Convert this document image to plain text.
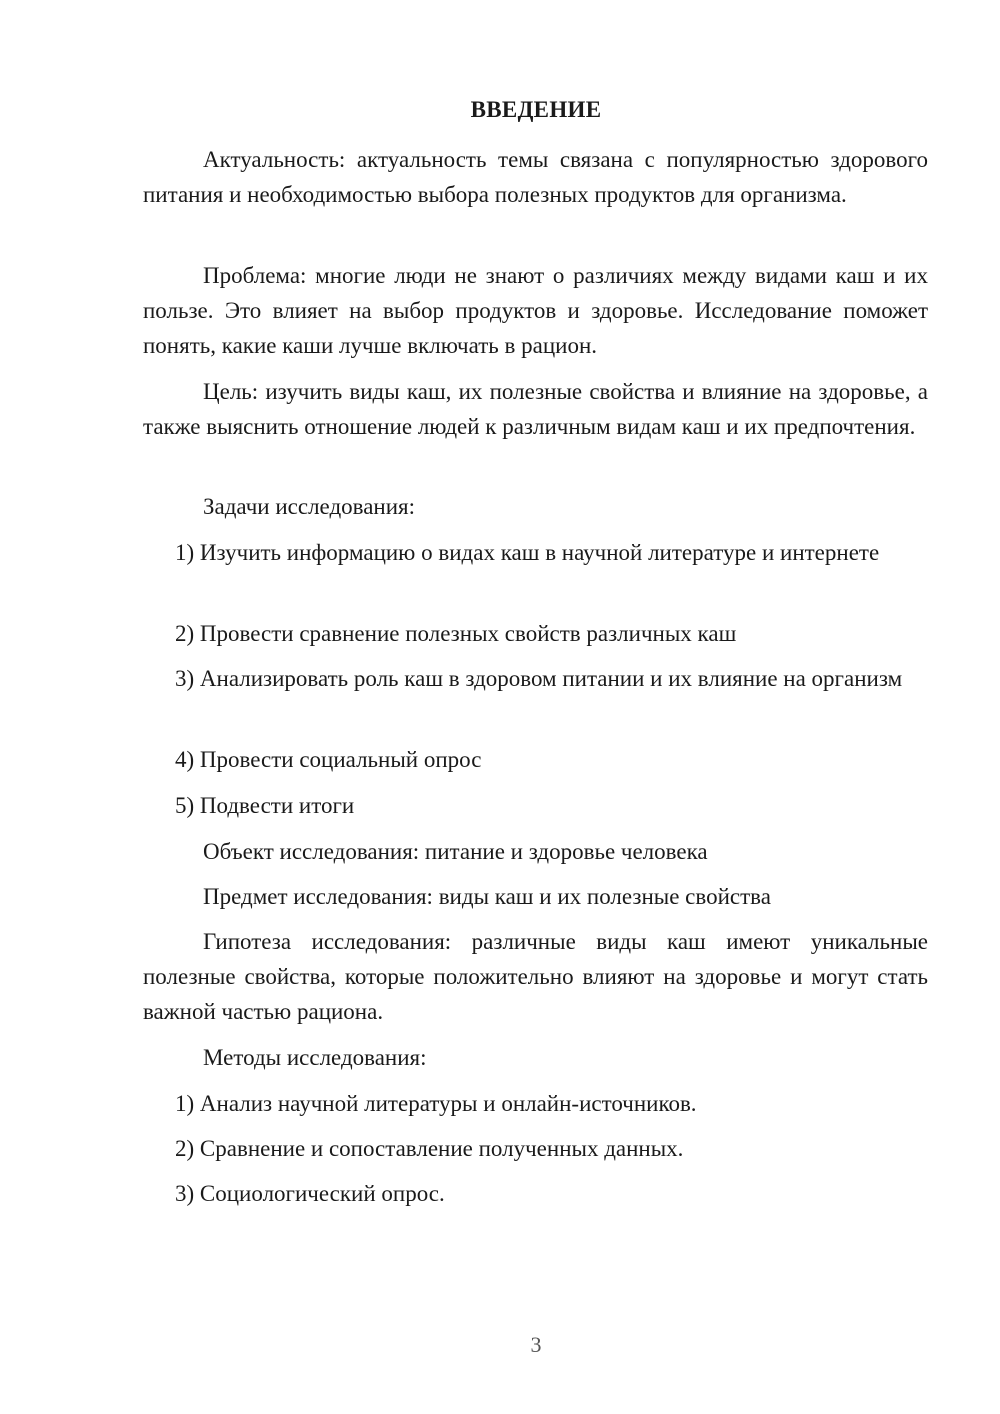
ВВЕДЕНИЕ

Актуальность: актуальность темы связана с популярностью здорового питания и необходимостью выбора полезных продуктов для организма.

Проблема: многие люди не знают о различиях между видами каш и их пользе. Это влияет на выбор продуктов и здоровье. Исследование поможет понять, какие каши лучше включать в рацион.

Цель: изучить виды каш, их полезные свойства и влияние на здоровье, а также выяснить отношение людей к различным видам каш и их предпочтения.

Задачи исследования:

1) Изучить информацию о видах каш в научной литературе и интернете

2) Провести сравнение полезных свойств различных каш

3) Анализировать роль каш в здоровом питании и их влияние на организм

4) Провести социальный опрос

5) Подвести итоги

Объект исследования: питание и здоровье человека

Предмет исследования: виды каш и их полезные свойства

Гипотеза исследования: различные виды каш имеют уникальные полезные свойства, которые положительно влияют на здоровье и могут стать важной частью рациона.

Методы исследования:

1) Анализ научной литературы и онлайн-источников.

2) Сравнение и сопоставление полученных данных.

3) Социологический опрос.

3
